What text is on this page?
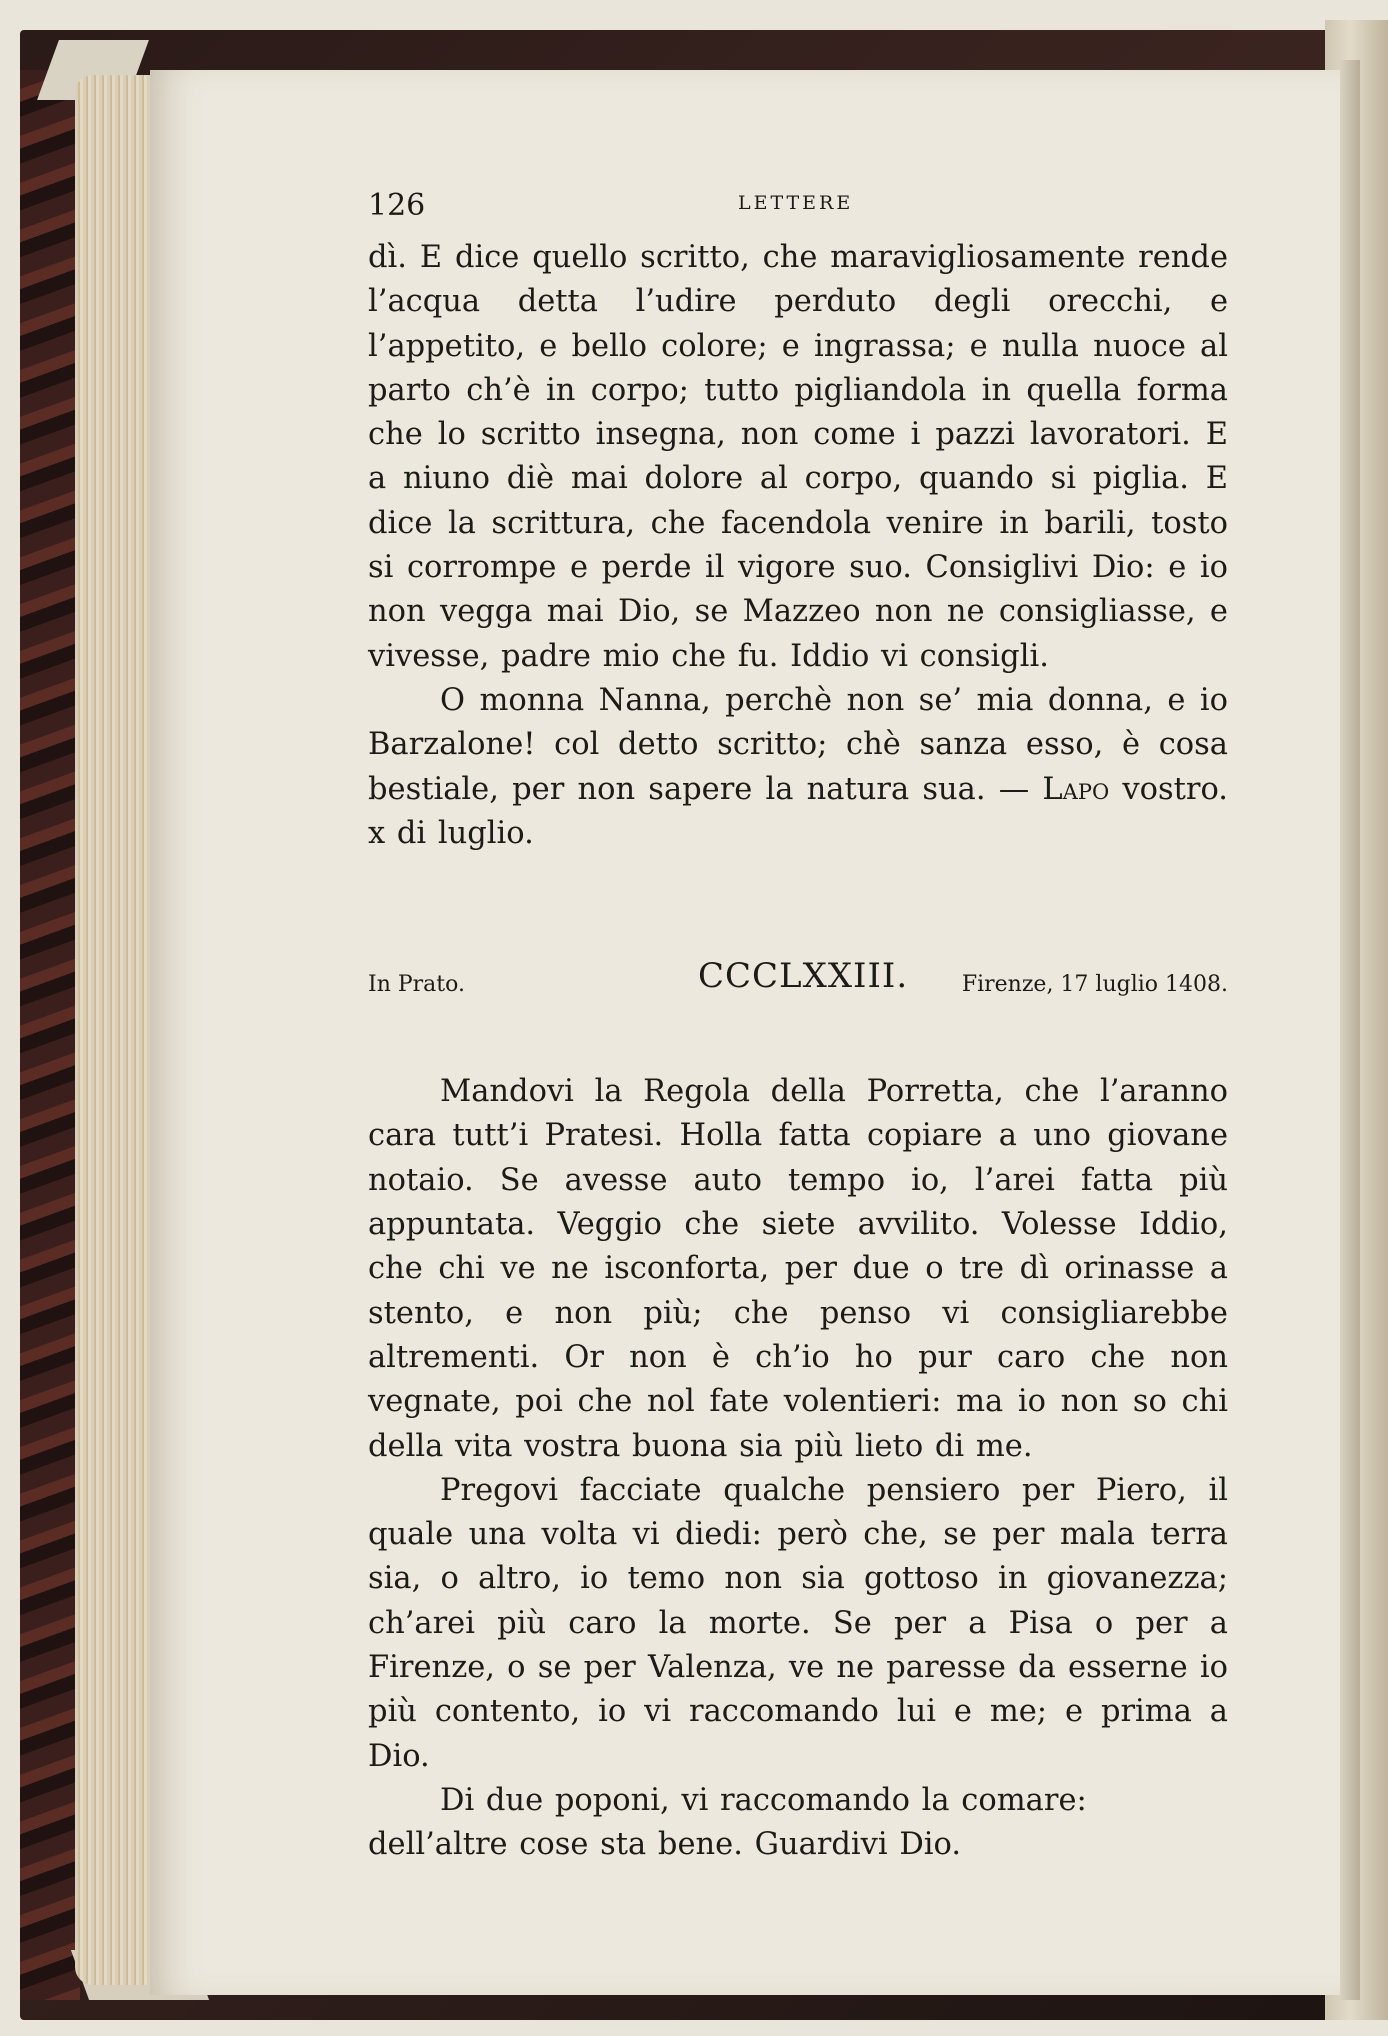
126	LETTERE

dì. E dice quello scritto, che maravigliosamente rende l’acqua detta l’udire perduto degli orecchi, e l’appetito, e bello colore; e ingrassa; e nulla nuoce al parto ch’è in corpo; tutto pigliandola in quella forma che lo scritto insegna, non come i pazzi lavoratori. E a niuno diè mai dolore al corpo, quando si piglia. E dice la scrittura, che facendola venire in barili, tosto si corrompe e perde il vigore suo. Consiglivi Dio: e io non vegga mai Dio, se Mazzeo non ne consigliasse, e vivesse, padre mio che fu. Iddio vi consigli.

O monna Nanna, perchè non se’ mia donna, e io Barzalone! col detto scritto; chè sanza esso, è cosa bestiale, per non sapere la natura sua. — Lapo vostro. x di luglio.

In Prato.	CCCLXXIII. Firenze, 17 luglio 1408.

Mandovi la Regola della Porretta, che l’aranno cara tutt’i Pratesi. Holla fatta copiare a uno giovane notaio. Se avesse auto tempo io, l’arei fatta più appuntata. Veggio che siete avvilito. Volesse Iddio, che chi ve ne isconforta, per due o tre dì orinasse a stento, e non più; che penso vi consigliarebbe altrementi. Or non è ch’io ho pur caro che non vegnate, poi che nol fate volentieri: ma io non so chi della vita vostra buona sia più lieto di me.

Pregovi facciate qualche pensiero per Piero, il quale una volta vi diedi: però che, se per mala terra sia, o altro, io temo non sia gottoso in giovanezza; ch’arei più caro la morte. Se per a Pisa o per a Firenze, o se per Valenza, ve ne paresse da esserne io più contento, io vi raccomando lui e me; e prima a Dio.

Di due poponi, vi raccomando la comare: dell’altre cose sta bene. Guardivi Dio.
